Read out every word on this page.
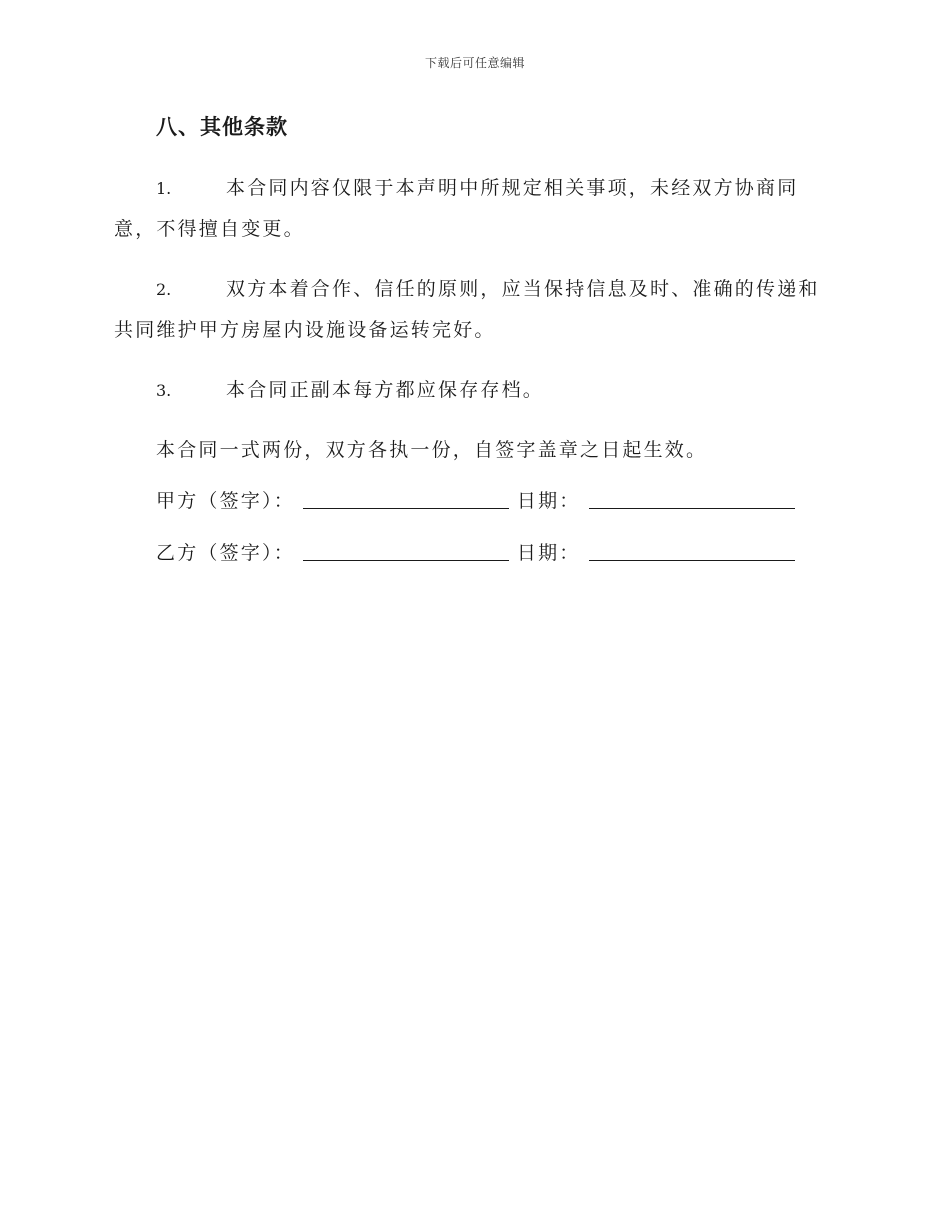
下载后可任意编辑
八、其他条款

1.	本合同内容仅限于本声明中所规定相关事项，未经双方协商同意，不得擅自变更。

2.	双方本着合作、信任的原则，应当保持信息及时、准确的传递和共同维护甲方房屋内设施设备运转完好。

3.	本合同正副本每方都应保存存档。

本合同一式两份，双方各执一份，自签字盖章之日起生效。
甲方（签字）：	日期：
乙方（签字）：	日期：
